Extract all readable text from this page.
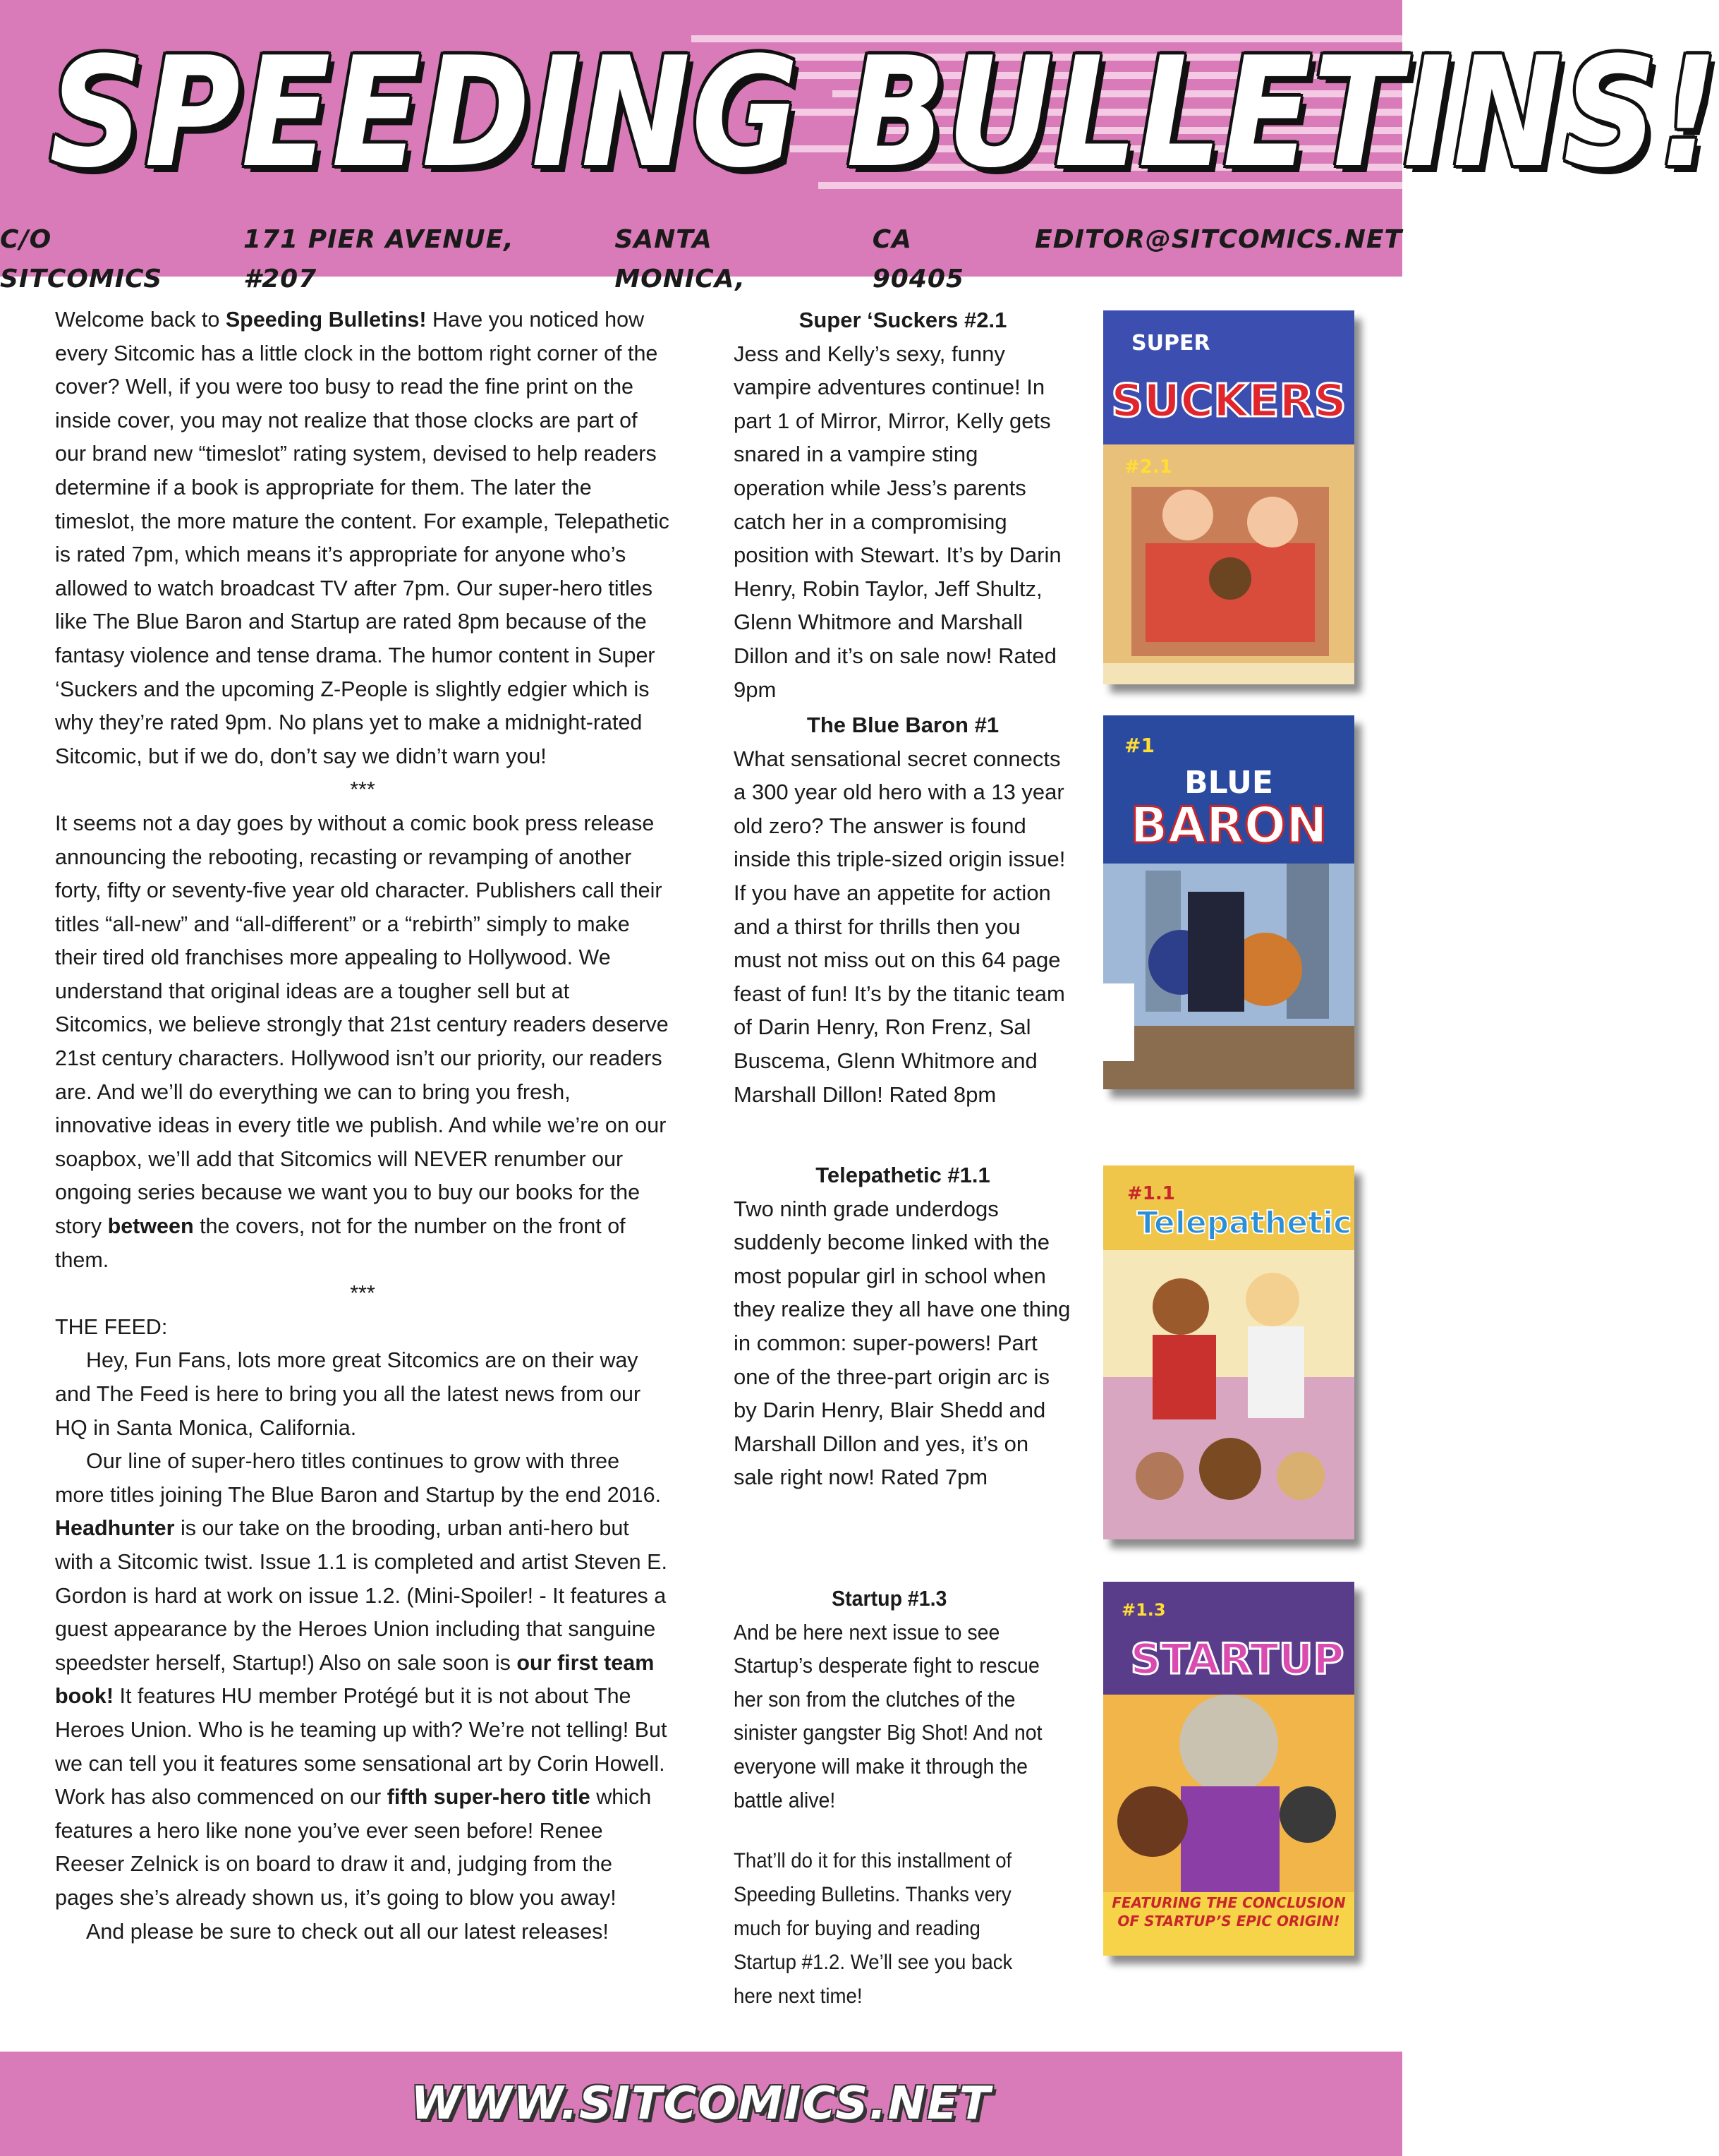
SPEEDING BULLETINS!
C/O SITCOMICS
171 PIER AVENUE, #207
SANTA MONICA,
CA 90405
EDITOR@SITCOMICS.NET

Welcome back to Speeding Bulletins! Have you noticed how every Sitcomic has a little clock in the bottom right corner of the cover? Well, if you were too busy to read the fine print on the inside cover, you may not realize that those clocks are part of our brand new “timeslot” rating system, devised to help readers determine if a book is appropriate for them. The later the timeslot, the more mature the content. For example, Telepathetic is rated 7pm, which means it’s appropriate for anyone who’s allowed to watch broadcast TV after 7pm. Our super-hero titles like The Blue Baron and Startup are rated 8pm because of the fantasy violence and tense drama. The humor content in Super ‘Suckers and the upcoming Z-People is slightly edgier which is why they’re rated 9pm. No plans yet to make a midnight-rated Sitcomic, but if we do, don’t say we didn’t warn you!

***

It seems not a day goes by without a comic book press release announcing the rebooting, recasting or revamping of another forty, fifty or seventy-five year old character. Publishers call their titles “all-new” and “all-different” or a “rebirth” simply to make their tired old franchises more appealing to Hollywood. We understand that original ideas are a tougher sell but at Sitcomics, we believe strongly that 21st century readers deserve 21st century characters. Hollywood isn’t our priority, our readers are. And we’ll do everything we can to bring you fresh, innovative ideas in every title we publish. And while we’re on our soapbox, we’ll add that Sitcomics will NEVER renumber our ongoing series because we want you to buy our books for the story between the covers, not for the number on the front of them.

***

THE FEED:

Hey, Fun Fans, lots more great Sitcomics are on their way and The Feed is here to bring you all the latest news from our HQ in Santa Monica, California.

Our line of super-hero titles continues to grow with three more titles joining The Blue Baron and Startup by the end 2016. Headhunter is our take on the brooding, urban anti-hero but with a Sitcomic twist. Issue 1.1 is completed and artist Steven E. Gordon is hard at work on issue 1.2. (Mini-Spoiler! - It features a guest appearance by the Heroes Union including that sanguine speedster herself, Startup!) Also on sale soon is our first team book! It features HU member Protégé but it is not about The Heroes Union. Who is he teaming up with? We’re not telling! But we can tell you it features some sensational art by Corin Howell. Work has also commenced on our fifth super-hero title which features a hero like none you’ve ever seen before! Renee Reeser Zelnick is on board to draw it and, judging from the pages she’s already shown us, it’s going to blow you away!

And please be sure to check out all our latest releases!

Super ‘Suckers #2.1
Jess and Kelly’s sexy, funny vampire adventures continue! In part 1 of Mirror, Mirror, Kelly gets snared in a vampire sting operation while Jess’s parents catch her in a compromising position with Stewart. It’s by Darin Henry, Robin Taylor, Jeff Shultz, Glenn Whitmore and Marshall Dillon and it’s on sale now! Rated 9pm
SUPER
SUCKERS
#2.1
The Blue Baron #1
What sensational secret connects a 300 year old hero with a 13 year old zero? The answer is found inside this triple-sized origin issue! If you have an appetite for action and a thirst for thrills then you must not miss out on this 64 page feast of fun! It’s by the titanic team of Darin Henry, Ron Frenz, Sal Buscema, Glenn Whitmore and Marshall Dillon! Rated 8pm
#1
BLUE
BARON
Telepathetic #1.1
Two ninth grade underdogs suddenly become linked with the most popular girl in school when they realize they all have one thing in common: super-powers! Part one of the three-part origin arc is by Darin Henry, Blair Shedd and Marshall Dillon and yes, it’s on sale right now! Rated 7pm
#1.1
Telepathetic
Startup #1.3
And be here next issue to see Startup’s desperate fight to rescue her son from the clutches of the sinister gangster Big Shot! And not everyone will make it through the battle alive!
#1.3
STARTUP
FEATURING THE CONCLUSION OF STARTUP’S EPIC ORIGIN!
That’ll do it for this installment of Speeding Bulletins. Thanks very much for buying and reading Startup #1.2. We’ll see you back here next time!
WWW.SITCOMICS.NET
